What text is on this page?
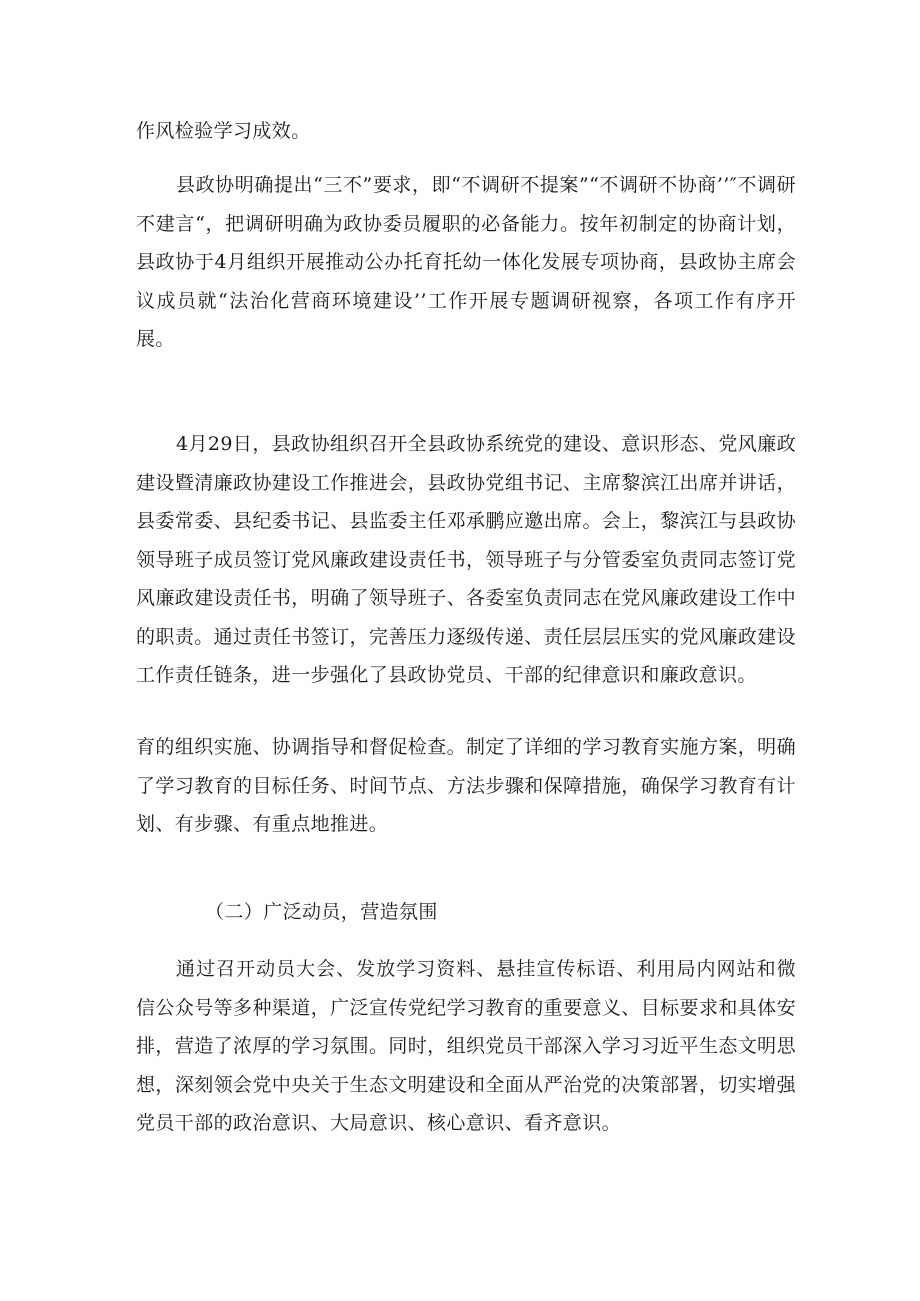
作风检验学习成效。

县政协明确提出“三不”要求，即“不调研不提案”“不调研不协商’’″不调研不建言“，把调研明确为政协委员履职的必备能力。按年初制定的协商计划，县政协于4月组织开展推动公办托育托幼一体化发展专项协商，县政协主席会议成员就“法治化营商环境建设’’工作开展专题调研视察，各项工作有序开展。

4月29日，县政协组织召开全县政协系统党的建设、意识形态、党风廉政建设暨清廉政协建设工作推进会，县政协党组书记、主席黎滨江出席并讲话，县委常委、县纪委书记、县监委主任邓承鹏应邀出席。会上，黎滨江与县政协领导班子成员签订党风廉政建设责任书，领导班子与分管委室负责同志签订党风廉政建设责任书，明确了领导班子、各委室负责同志在党风廉政建设工作中的职责。通过责任书签订，完善压力逐级传递、责任层层压实的党风廉政建设工作责任链条，进一步强化了县政协党员、干部的纪律意识和廉政意识。

育的组织实施、协调指导和督促检查。制定了详细的学习教育实施方案，明确了学习教育的目标任务、时间节点、方法步骤和保障措施，确保学习教育有计划、有步骤、有重点地推进。

（二）广泛动员，营造氛围

通过召开动员大会、发放学习资料、悬挂宣传标语、利用局内网站和微信公众号等多种渠道，广泛宣传党纪学习教育的重要意义、目标要求和具体安排，营造了浓厚的学习氛围。同时，组织党员干部深入学习习近平生态文明思想，深刻领会党中央关于生态文明建设和全面从严治党的决策部署，切实增强党员干部的政治意识、大局意识、核心意识、看齐意识。
